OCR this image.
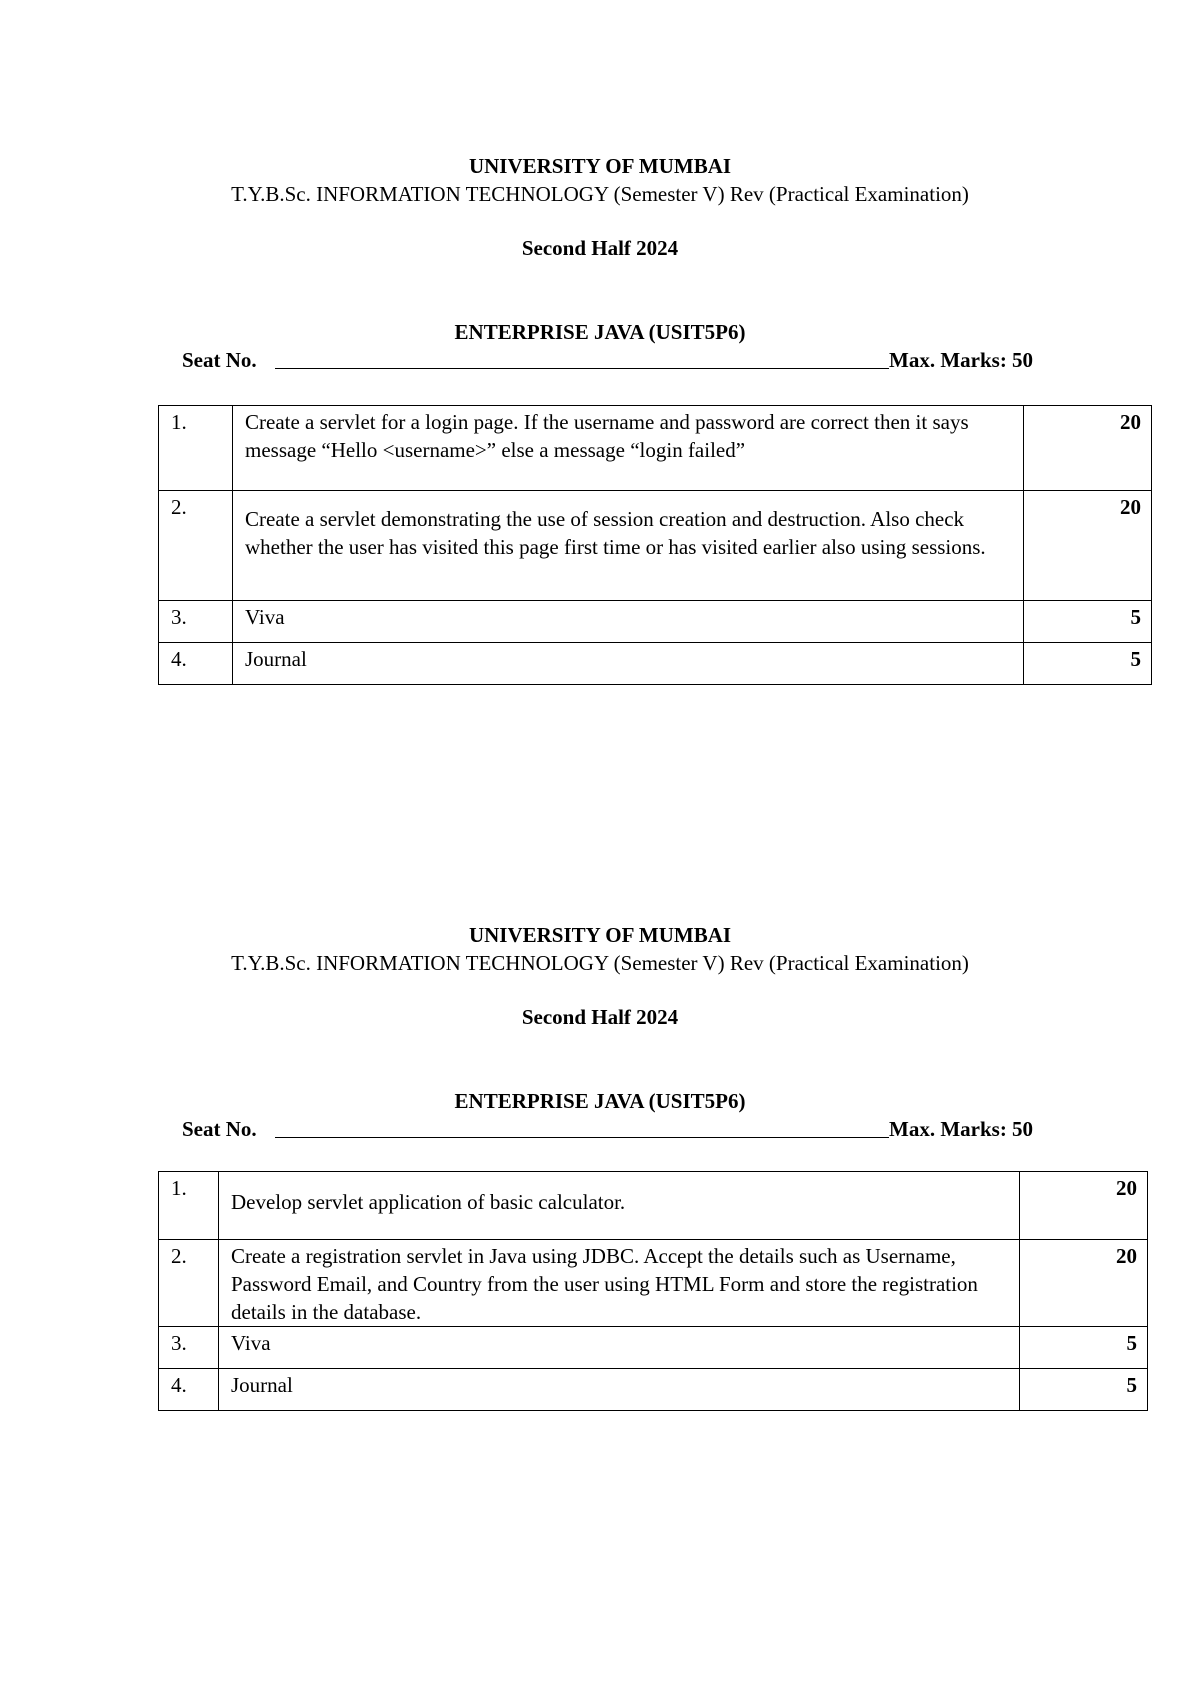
UNIVERSITY OF MUMBAI
T.Y.B.Sc. INFORMATION TECHNOLOGY (Semester V) Rev (Practical Examination)
Second Half 2024
ENTERPRISE JAVA (USIT5P6)
Seat No.	Max. Marks: 50
1.	Create a servlet for a login page. If the username and password are correct then it says message “Hello <username>” else a message “login failed”	20
2.	Create a servlet demonstrating the use of session creation and destruction. Also check whether the user has visited this page first time or has visited earlier also using sessions.	20
3.	Viva	5
4.	Journal	5
UNIVERSITY OF MUMBAI
T.Y.B.Sc. INFORMATION TECHNOLOGY (Semester V) Rev (Practical Examination)
Second Half 2024
ENTERPRISE JAVA (USIT5P6)
Seat No.	Max. Marks: 50
1.	Develop servlet application of basic calculator.	20
2.	Create a registration servlet in Java using JDBC. Accept the details such as Username, Password Email, and Country from the user using HTML Form and store the registration details in the database.	20
3.	Viva	5
4.	Journal	5
